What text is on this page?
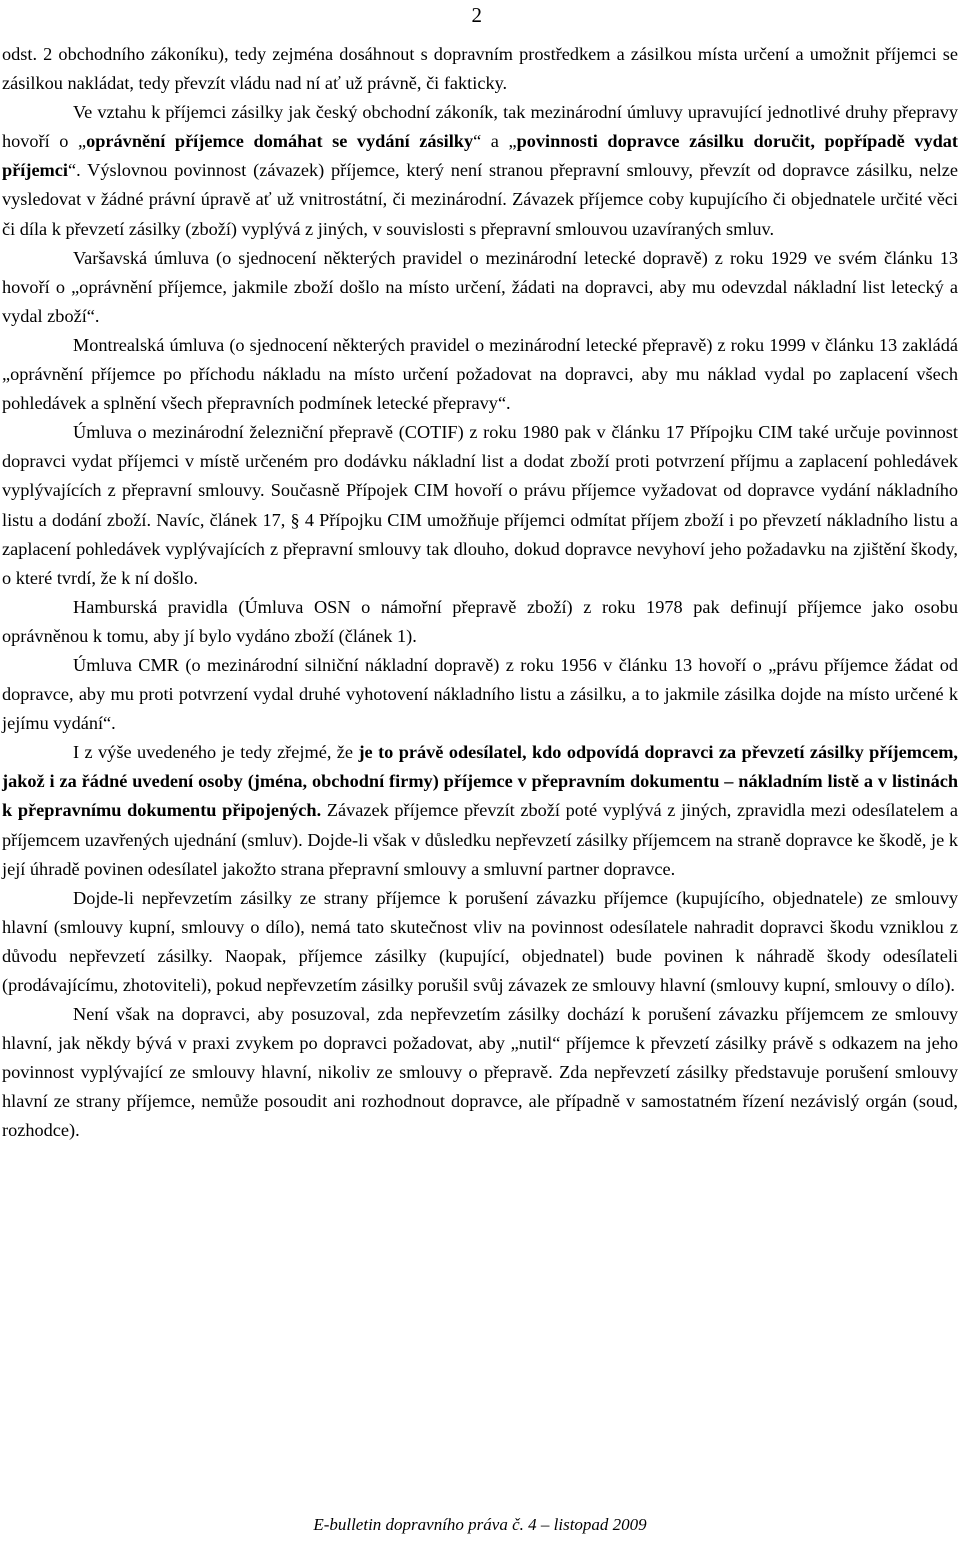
2

odst. 2 obchodního zákoníku), tedy zejména dosáhnout s dopravním prostředkem a zásilkou místa určení a umožnit příjemci se zásilkou nakládat, tedy převzít vládu nad ní ať už právně, či fakticky.

Ve vztahu k příjemci zásilky jak český obchodní zákoník, tak mezinárodní úmluvy upravující jednotlivé druhy přepravy hovoří o „oprávnění příjemce domáhat se vydání zásilky“ a „povinnosti dopravce zásilku doručit, popřípadě vydat příjemci“. Výslovnou povinnost (závazek) příjemce, který není stranou přepravní smlouvy, převzít od dopravce zásilku, nelze vysledovat v žádné právní úpravě ať už vnitrostátní, či mezinárodní. Závazek příjemce coby kupujícího či objednatele určité věci či díla k převzetí zásilky (zboží) vyplývá z jiných, v souvislosti s přepravní smlouvou uzavíraných smluv.

Varšavská úmluva (o sjednocení některých pravidel o mezinárodní letecké dopravě) z roku 1929 ve svém článku 13 hovoří o „oprávnění příjemce, jakmile zboží došlo na místo určení, žádati na dopravci, aby mu odevzdal nákladní list letecký a vydal zboží“.

Montrealská úmluva (o sjednocení některých pravidel o mezinárodní letecké přepravě) z roku 1999 v článku 13 zakládá „oprávnění příjemce po příchodu nákladu na místo určení požadovat na dopravci, aby mu náklad vydal po zaplacení všech pohledávek a splnění všech přepravních podmínek letecké přepravy“.

Úmluva o mezinárodní železniční přepravě (COTIF) z roku 1980 pak v článku 17 Přípojku CIM také určuje povinnost dopravci vydat příjemci v místě určeném pro dodávku nákladní list a dodat zboží proti potvrzení příjmu a zaplacení pohledávek vyplývajících z přepravní smlouvy. Současně Přípojek CIM hovoří o právu příjemce vyžadovat od dopravce vydání nákladního listu a dodání zboží. Navíc, článek 17, § 4 Přípojku CIM umožňuje příjemci odmítat příjem zboží i po převzetí nákladního listu a zaplacení pohledávek vyplývajících z přepravní smlouvy tak dlouho, dokud dopravce nevyhoví jeho požadavku na zjištění škody, o které tvrdí, že k ní došlo.

Hamburská pravidla (Úmluva OSN o námořní přepravě zboží) z roku 1978 pak definují příjemce jako osobu oprávněnou k tomu, aby jí bylo vydáno zboží (článek 1).

Úmluva CMR (o mezinárodní silniční nákladní dopravě) z roku 1956 v článku 13 hovoří o „právu příjemce žádat od dopravce, aby mu proti potvrzení vydal druhé vyhotovení nákladního listu a zásilku, a to jakmile zásilka dojde na místo určené k jejímu vydání“.

I z výše uvedeného je tedy zřejmé, že je to právě odesílatel, kdo odpovídá dopravci za převzetí zásilky příjemcem, jakož i za řádné uvedení osoby (jména, obchodní firmy) příjemce v přepravním dokumentu – nákladním listě a v listinách k přepravnímu dokumentu připojených. Závazek příjemce převzít zboží poté vyplývá z jiných, zpravidla mezi odesílatelem a příjemcem uzavřených ujednání (smluv). Dojde-li však v důsledku nepřevzetí zásilky příjemcem na straně dopravce ke škodě, je k její úhradě povinen odesílatel jakožto strana přepravní smlouvy a smluvní partner dopravce.

Dojde-li nepřevzetím zásilky ze strany příjemce k porušení závazku příjemce (kupujícího, objednatele) ze smlouvy hlavní (smlouvy kupní, smlouvy o dílo), nemá tato skutečnost vliv na povinnost odesílatele nahradit dopravci škodu vzniklou z důvodu nepřevzetí zásilky. Naopak, příjemce zásilky (kupující, objednatel) bude povinen k náhradě škody odesílateli (prodávajícímu, zhotoviteli), pokud nepřevzetím zásilky porušil svůj závazek ze smlouvy hlavní (smlouvy kupní, smlouvy o dílo).

Není však na dopravci, aby posuzoval, zda nepřevzetím zásilky dochází k porušení závazku příjemcem ze smlouvy hlavní, jak někdy bývá v praxi zvykem po dopravci požadovat, aby „nutil“ příjemce k převzetí zásilky právě s odkazem na jeho povinnost vyplývající ze smlouvy hlavní, nikoliv ze smlouvy o přepravě. Zda nepřevzetí zásilky představuje porušení smlouvy hlavní ze strany příjemce, nemůže posoudit ani rozhodnout dopravce, ale případně v samostatném řízení nezávislý orgán (soud, rozhodce).

E-bulletin dopravního práva č. 4 – listopad 2009
